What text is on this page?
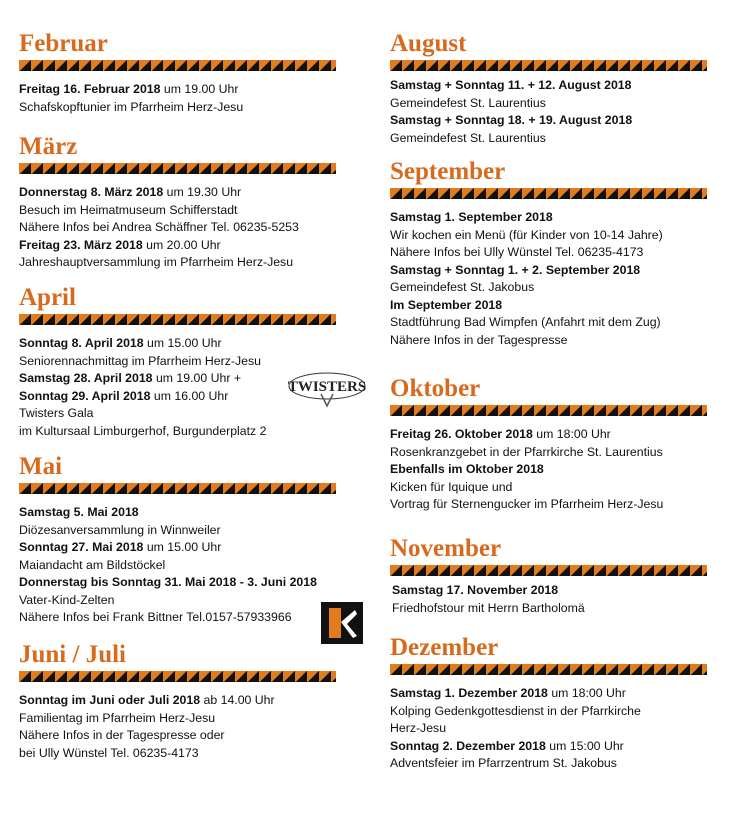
Februar
Freitag 16. Februar 2018 um 19.00 Uhr
Schafskopftunier im Pfarrheim Herz-Jesu
März
Donnerstag 8. März 2018 um 19.30 Uhr
Besuch im Heimatmuseum Schifferstadt
Nähere Infos bei Andrea Schäffner Tel. 06235-5253
Freitag 23. März 2018 um 20.00 Uhr
Jahreshauptversammlung im Pfarrheim Herz-Jesu
April
Sonntag 8. April 2018 um 15.00 Uhr
Seniorennachmittag im Pfarrheim Herz-Jesu
Samstag 28. April 2018 um 19.00 Uhr +
Sonntag 29. April 2018 um 16.00 Uhr
Twisters Gala
im Kultursaal Limburgerhof, Burgunderplatz 2
Mai
Samstag 5. Mai 2018
Diözesanversammlung in Winnweiler
Sonntag 27. Mai 2018 um 15.00 Uhr
Maiandacht am Bildstöckel
Donnerstag bis Sonntag 31. Mai 2018 - 3. Juni 2018
Vater-Kind-Zelten
Nähere Infos bei Frank Bittner Tel.0157-57933966
Juni / Juli
Sonntag im Juni oder Juli 2018 ab 14.00 Uhr
Familientag im Pfarrheim Herz-Jesu
Nähere Infos in der Tagespresse oder
bei Ully Wünstel Tel. 06235-4173
August
Samstag + Sonntag 11. + 12. August 2018
Gemeindefest St. Laurentius
Samstag + Sonntag 18. + 19. August 2018
Gemeindefest St. Laurentius
September
Samstag 1. September 2018
Wir kochen ein Menü (für Kinder von 10-14 Jahre)
Nähere Infos bei Ully Wünstel Tel. 06235-4173
Samstag + Sonntag 1. + 2. September 2018
Gemeindefest St. Jakobus
Im September 2018
Stadtführung Bad Wimpfen (Anfahrt mit dem Zug)
Nähere Infos in der Tagespresse
Oktober
Freitag 26. Oktober 2018 um 18:00 Uhr
Rosenkranzgebet in der Pfarrkirche St. Laurentius
Ebenfalls im Oktober 2018
Kicken für Iquique und
Vortrag für Sternengucker im Pfarrheim Herz-Jesu
November
Samstag 17. November 2018
Friedhofstour mit Herrn Bartholomä
Dezember
Samstag 1. Dezember 2018 um 18:00 Uhr
Kolping Gedenkgottesdienst in der Pfarrkirche
Herz-Jesu
Sonntag 2. Dezember 2018 um 15:00 Uhr
Adventsfeier im Pfarrzentrum St. Jakobus
TWISTERS
K
